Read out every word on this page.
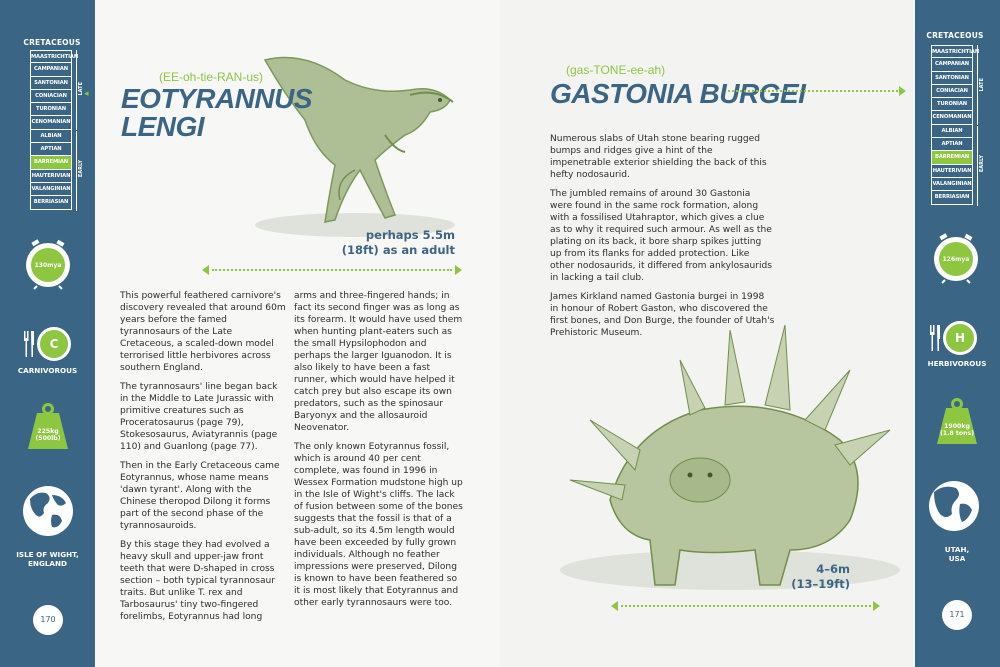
CRETACEOUS
MAASTRICHTIAN
CAMPANIAN
SANTONIAN
CONIACIAN
TURONIAN
CENOMANIAN
ALBIAN
APTIAN
BARREMIAN
HAUTERIVIAN
VALANGINIAN
BERRIASIAN
LATE
EARLY
◂
130mya
C
CARNIVOROUS
225kg
(500lb)
ISLE OF WIGHT,
ENGLAND
170
(EE-oh-tie-RAN-us)
EOTYRANNUS
LENGI
perhaps 5.5m
(18ft) as an adult

This powerful feathered carnivore's discovery revealed that around 60m years before the famed tyrannosaurs of the Late Cretaceous, a scaled-down model terrorised little herbivores across southern England.

The tyrannosaurs' line began back in the Middle to Late Jurassic with primitive creatures such as Proceratosaurus (page 79), Stokesosaurus, Aviatyrannis (page 110) and Guanlong (page 77).

Then in the Early Cretaceous came Eotyrannus, whose name means 'dawn tyrant'. Along with the Chinese theropod Dilong it forms part of the second phase of the tyrannosauroids.

By this stage they had evolved a heavy skull and upper-jaw front teeth that were D-shaped in cross section – both typical tyrannosaur traits. But unlike T. rex and Tarbosaurus' tiny two-fingered forelimbs, Eotyrannus had long

arms and three-fingered hands; in fact its second finger was as long as its forearm. It would have used them when hunting plant-eaters such as the small Hypsilophodon and perhaps the larger Iguanodon. It is also likely to have been a fast runner, which would have helped it catch prey but also escape its own predators, such as the spinosaur Baryonyx and the allosauroid Neovenator.

The only known Eotyrannus fossil, which is around 40 per cent complete, was found in 1996 in Wessex Formation mudstone high up in the Isle of Wight's cliffs. The lack of fusion between some of the bones suggests that the fossil is that of a sub-adult, so its 4.5m length would have been exceeded by fully grown individuals. Although no feather impressions were preserved, Dilong is known to have been feathered so it is most likely that Eotyrannus and other early tyrannosaurs were too.

(gas-TONE-ee-ah)
GASTONIA BURGEI

Numerous slabs of Utah stone bearing rugged bumps and ridges give a hint of the impenetrable exterior shielding the back of this hefty nodosaurid.

The jumbled remains of around 30 Gastonia were found in the same rock formation, along with a fossilised Utahraptor, which gives a clue as to why it required such armour. As well as the plating on its back, it bore sharp spikes jutting up from its flanks for added protection. Like other nodosaurids, it differed from ankylosaurids in lacking a tail club.

James Kirkland named Gastonia burgei in 1998 in honour of Robert Gaston, who discovered the first bones, and Don Burge, the founder of Utah's Prehistoric Museum.

4–6m
(13–19ft)
CRETACEOUS
MAASTRICHTIAN
CAMPANIAN
SANTONIAN
CONIACIAN
TURONIAN
CENOMANIAN
ALBIAN
APTIAN
BARREMIAN
HAUTERIVIAN
VALANGINIAN
BERRIASIAN
LATE
EARLY
126mya
H
HERBIVOROUS
1900kg
(1.8 tons)
UTAH,
USA
171
